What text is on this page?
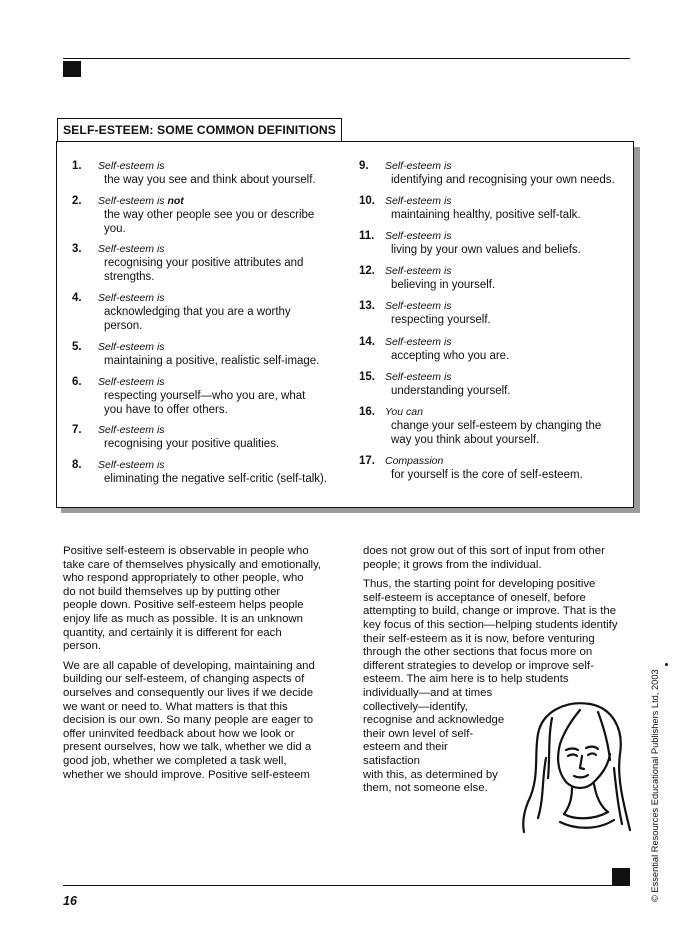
SELF-ESTEEM: SOME COMMON DEFINITIONS
1.	Self-esteem is
the way you see and think about yourself.
2.	Self-esteem is not
the way other people see you or describe
you.
3.	Self-esteem is
recognising your positive attributes and
strengths.
4.	Self-esteem is
acknowledging that you are a worthy
person.
5.	Self-esteem is
maintaining a positive, realistic self-image.
6.	Self-esteem is
respecting yourself—who you are, what
you have to offer others.
7.	Self-esteem is
recognising your positive qualities.
8.	Self-esteem is
eliminating the negative self-critic (self-talk).
9.	Self-esteem is
identifying and recognising your own needs.
10. Self-esteem is
maintaining healthy, positive self-talk.
11.	Self-esteem is
living by your own values and beliefs.
12. Self-esteem is
believing in yourself.
13. Self-esteem is
respecting yourself.
14. Self-esteem is
accepting who you are.
15. Self-esteem is
understanding yourself.
16. You can
change your self-esteem by changing the
way you think about yourself.
17. Compassion
for yourself is the core of self-esteem.

Positive self-esteem is observable in people who
take care of themselves physically and emotionally,
who respond appropriately to other people, who
do not build themselves up by putting other
people down. Positive self-esteem helps people
enjoy life as much as possible. It is an unknown
quantity, and certainly it is different for each
person.

We are all capable of developing, maintaining and
building our self-esteem, of changing aspects of
ourselves and consequently our lives if we decide
we want or need to. What matters is that this
decision is our own. So many people are eager to
offer uninvited feedback about how we look or
present ourselves, how we talk, whether we did a
good job, whether we completed a task well,
whether we should improve. Positive self-esteem

does not grow out of this sort of input from other
people; it grows from the individual.

Thus, the starting point for developing positive
self-esteem is acceptance of oneself, before
attempting to build, change or improve. That is the
key focus of this section—helping students identify
their self-esteem as it is now, before venturing
through the other sections that focus more on
different strategies to develop or improve self-
esteem. The aim here is to help students

individually—and at times
collectively—identify,
recognise and acknowledge
their own level of self-
esteem and their satisfaction
with this, as determined by
them, not someone else.
16	© Essential Resources Educational Publishers Ltd, 2003
